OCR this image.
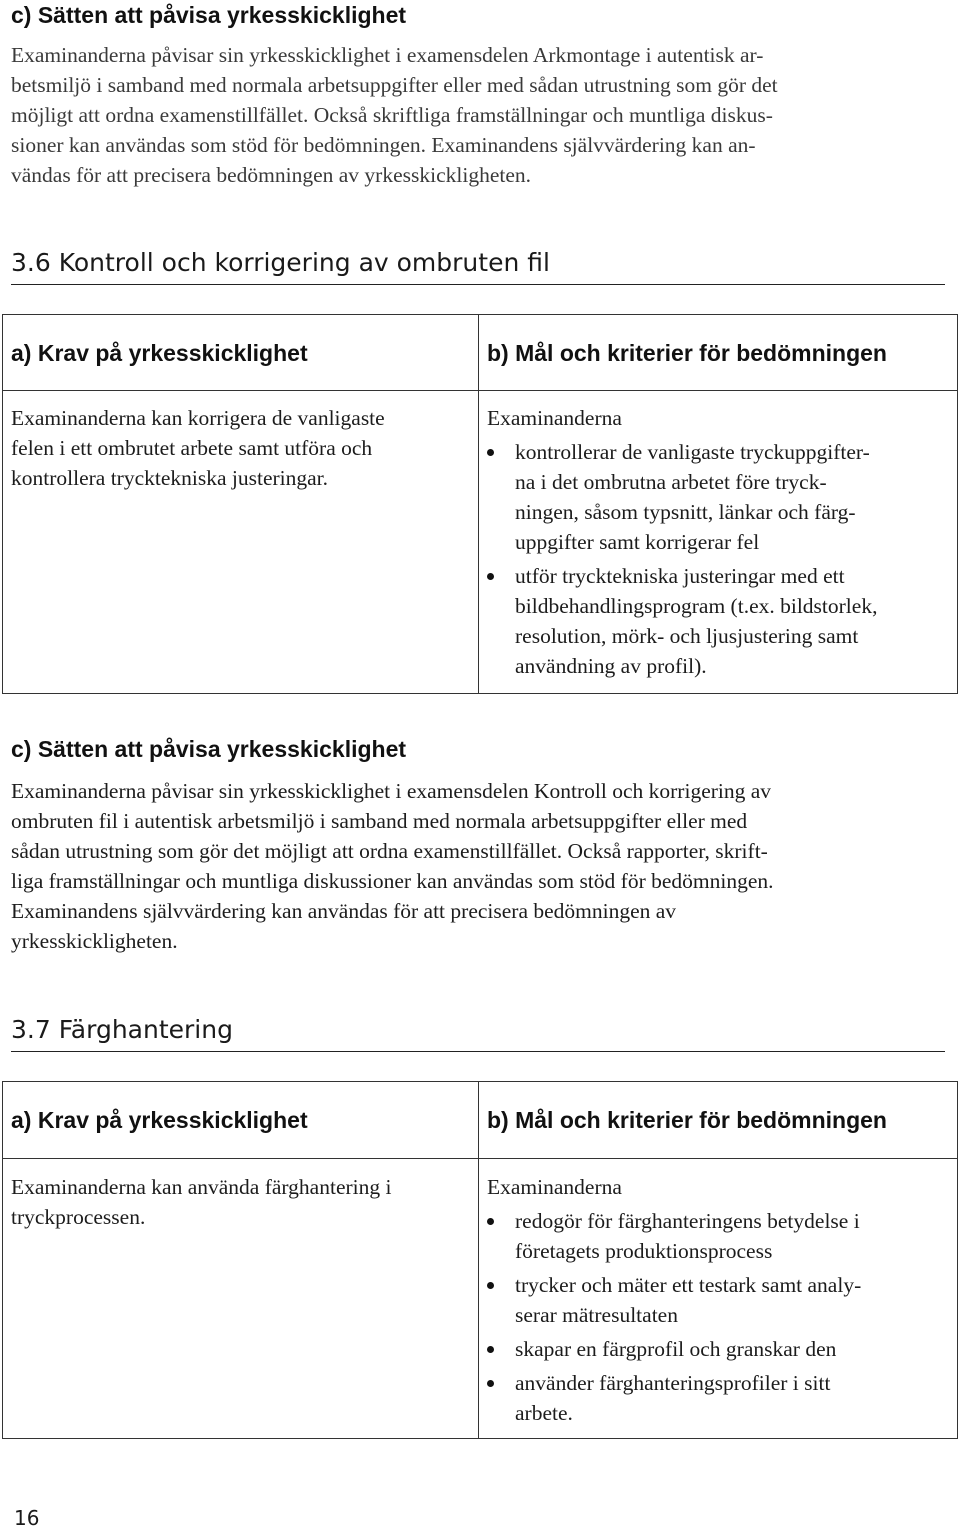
c) Sätten att påvisa yrkesskicklighet
Examinanderna påvisar sin yrkesskicklighet i examensdelen Arkmontage i autentisk ar-
betsmiljö i samband med normala arbetsuppgifter eller med sådan utrustning som gör det
möjligt att ordna examenstillfället. Också skriftliga framställningar och muntliga diskus-
sioner kan användas som stöd för bedömningen. Examinandens självvärdering kan an-
vändas för att precisera bedömningen av yrkesskickligheten.
3.6 Kontroll och korrigering av ombruten fil
a) Krav på yrkesskicklighet	b) Mål och kriterier för bedömningen
Examinanderna kan korrigera de vanligaste
felen i ett ombrutet arbete samt utföra och
kontrollera trycktekniska justeringar.
Examinanderna
kontrollerar de vanligaste tryckuppgifter-
na i det ombrutna arbetet före tryck-
ningen, såsom typsnitt, länkar och färg-
uppgifter samt korrigerar fel
utför trycktekniska justeringar med ett
bildbehandlingsprogram (t.ex. bildstorlek,
resolution, mörk- och ljusjustering samt
användning av profil).
c) Sätten att påvisa yrkesskicklighet
Examinanderna påvisar sin yrkesskicklighet i examensdelen Kontroll och korrigering av
ombruten fil i autentisk arbetsmiljö i samband med normala arbetsuppgifter eller med
sådan utrustning som gör det möjligt att ordna examenstillfället. Också rapporter, skrift-
liga framställningar och muntliga diskussioner kan användas som stöd för bedömningen.
Examinandens självvärdering kan användas för att precisera bedömningen av
yrkesskickligheten.
3.7 Färghantering
a) Krav på yrkesskicklighet	b) Mål och kriterier för bedömningen
Examinanderna kan använda färghantering i
tryckprocessen.
Examinanderna
redogör för färghanteringens betydelse i
företagets produktionsprocess
trycker och mäter ett testark samt analy-
serar mätresultaten
skapar en färgprofil och granskar den
använder färghanteringsprofiler i sitt
arbete.
16
